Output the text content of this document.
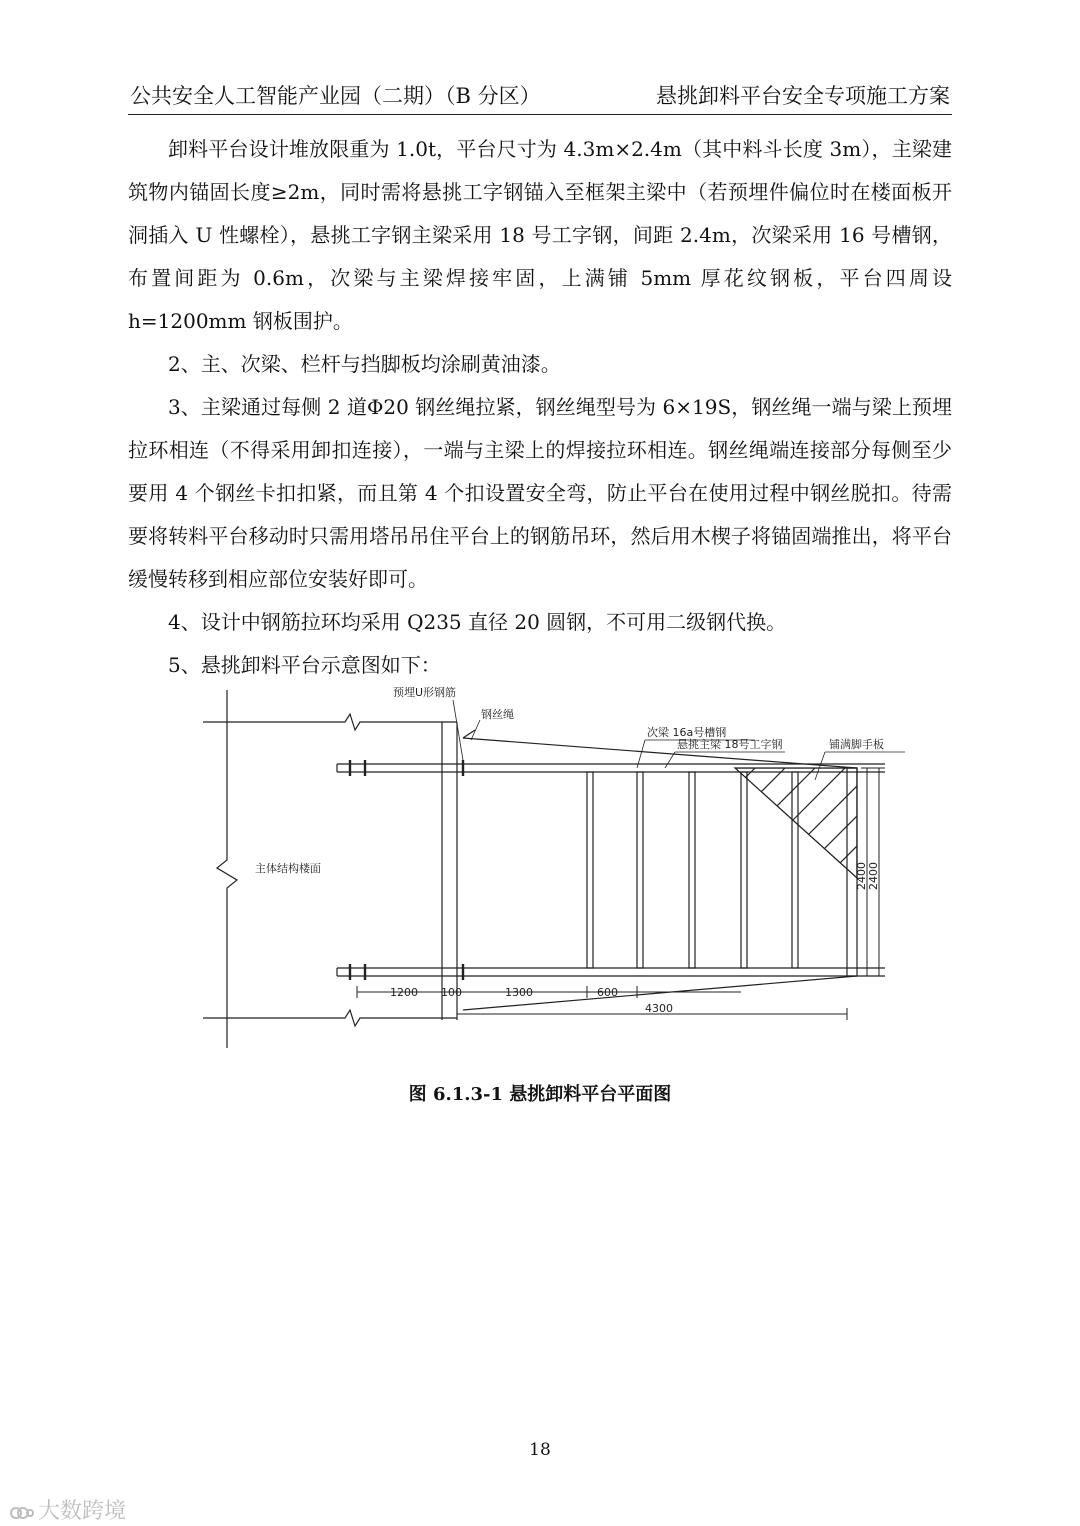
公共安全人工智能产业园（二期）（B 分区）	悬挑卸料平台安全专项施工方案

卸料平台设计堆放限重为 1.0t，平台尺寸为 4.3m×2.4m（其中料斗长度 3m），主梁建筑物内锚固长度≥2m，同时需将悬挑工字钢锚入至框架主梁中（若预埋件偏位时在楼面板开洞插入 U 性螺栓），悬挑工字钢主梁采用 18 号工字钢，间距 2.4m，次梁采用 16 号槽钢，布置间距为 0.6m，次梁与主梁焊接牢固，上满铺 5mm 厚花纹钢板，平台四周设 h=1200mm 钢板围护。

2、主、次梁、栏杆与挡脚板均涂刷黄油漆。

3、主梁通过每侧 2 道Φ20 钢丝绳拉紧，钢丝绳型号为 6×19S，钢丝绳一端与梁上预埋拉环相连（不得采用卸扣连接），一端与主梁上的焊接拉环相连。钢丝绳端连接部分每侧至少要用 4 个钢丝卡扣扣紧，而且第 4 个扣设置安全弯，防止平台在使用过程中钢丝脱扣。待需要将转料平台移动时只需用塔吊吊住平台上的钢筋吊环，然后用木楔子将锚固端推出，将平台缓慢转移到相应部位安装好即可。

4、设计中钢筋拉环均采用 Q235 直径 20 圆钢，不可用二级钢代换。

5、悬挑卸料平台示意图如下：

预埋U形钢筋
钢丝绳
次梁 16a号槽钢
悬挑主梁 18号工字钢	铺满脚手板
主体结构楼面
1200 100	1300	600
4300
2400 2400
图 6.1.3-1 悬挑卸料平台平面图
18
大数跨境
